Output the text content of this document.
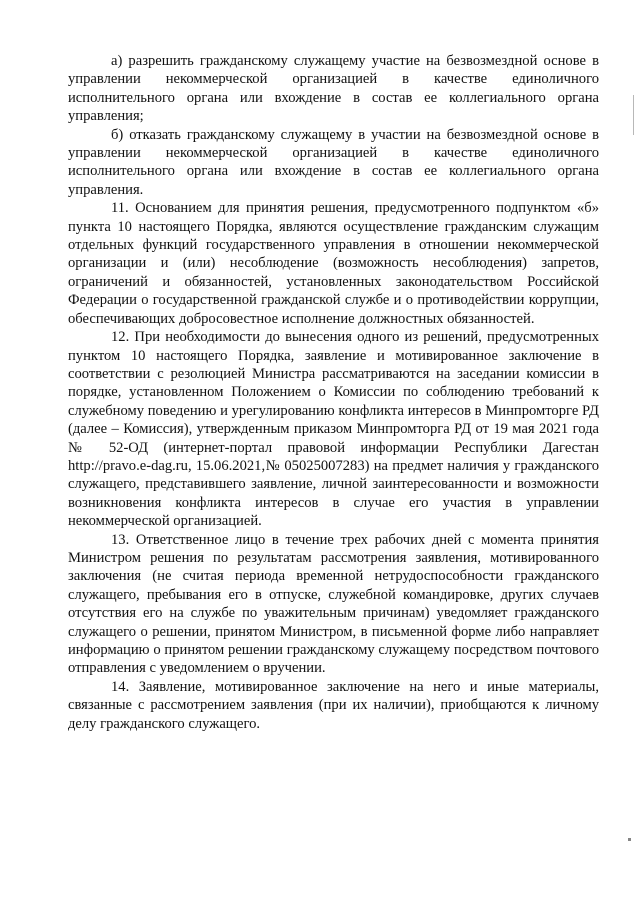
а) разрешить гражданскому служащему участие на безвозмездной основе в управлении некоммерческой организацией в качестве единоличного исполнительного органа или вхождение в состав ее коллегиального органа управления;

б) отказать гражданскому служащему в участии на безвозмездной основе в управлении некоммерческой организацией в качестве единоличного исполнительного органа или вхождение в состав ее коллегиального органа управления.

11. Основанием для принятия решения, предусмотренного подпунктом «б» пункта 10 настоящего Порядка, являются осуществление гражданским служащим отдельных функций государственного управления в отношении некоммерческой организации и (или) несоблюдение (возможность несоблюдения) запретов, ограничений и обязанностей, установленных законодательством Российской Федерации о государственной гражданской службе и о противодействии коррупции, обеспечивающих добросовестное исполнение должностных обязанностей.

12. При необходимости до вынесения одного из решений, предусмотренных пунктом 10 настоящего Порядка, заявление и мотивированное заключение в соответствии с резолюцией Министра рассматриваются на заседании комиссии в порядке, установленном Положением о Комиссии по соблюдению требований к служебному поведению и урегулированию конфликта интересов в Минпромторге РД (далее – Комиссия), утвержденным приказом Минпромторга РД от 19 мая 2021 года № 52-ОД (интернет-портал правовой информации Республики Дагестан http://pravo.e-dag.ru, 15.06.2021,№ 05025007283) на предмет наличия у гражданского служащего, представившего заявление, личной заинтересованности и возможности возникновения конфликта интересов в случае его участия в управлении некоммерческой организацией.

13. Ответственное лицо в течение трех рабочих дней с момента принятия Министром решения по результатам рассмотрения заявления, мотивированного заключения (не считая периода временной нетрудоспособности гражданского служащего, пребывания его в отпуске, служебной командировке, других случаев отсутствия его на службе по уважительным причинам) уведомляет гражданского служащего о решении, принятом Министром, в письменной форме либо направляет информацию о принятом решении гражданскому служащему посредством почтового отправления с уведомлением о вручении.

14. Заявление, мотивированное заключение на него и иные материалы, связанные с рассмотрением заявления (при их наличии), приобщаются к личному делу гражданского служащего.
